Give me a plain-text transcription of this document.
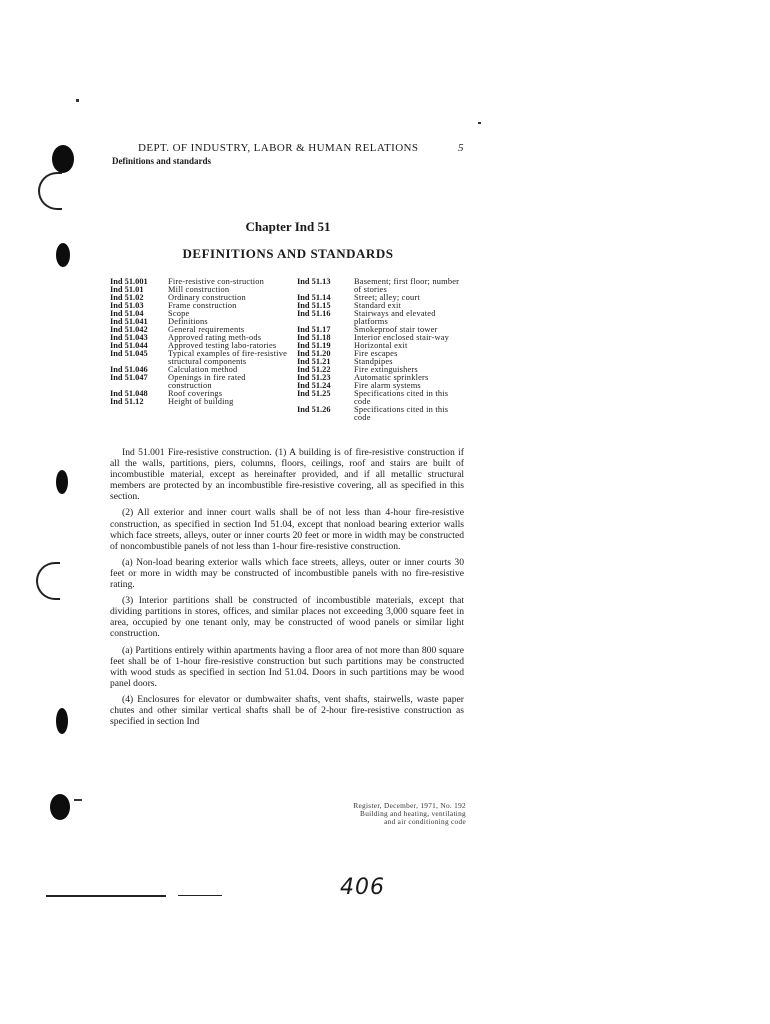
DEPT. OF INDUSTRY, LABOR & HUMAN RELATIONS	5
Definitions and standards
Chapter Ind 51
DEFINITIONS AND STANDARDS
Ind 51.001	Fire-resistive con-struction
Ind 51.01	Mill construction
Ind 51.02	Ordinary construction
Ind 51.03	Frame construction
Ind 51.04	Scope
Ind 51.041	Definitions
Ind 51.042	General requirements
Ind 51.043	Approved rating meth-ods
Ind 51.044	Approved testing labo-ratories
Ind 51.045	Typical examples of fire-resistive structural components
Ind 51.046	Calculation method
Ind 51.047	Openings in fire rated construction
Ind 51.048	Roof coverings
Ind 51.12	Height of building
Ind 51.13	Basement; first floor; number of stories
Ind 51.14	Street; alley; court
Ind 51.15	Standard exit
Ind 51.16	Stairways and elevated platforms
Ind 51.17	Smokeproof stair tower
Ind 51.18	Interior enclosed stair-way
Ind 51.19	Horizontal exit
Ind 51.20	Fire escapes
Ind 51.21	Standpipes
Ind 51.22	Fire extinguishers
Ind 51.23	Automatic sprinklers
Ind 51.24	Fire alarm systems
Ind 51.25	Specifications cited in this code
Ind 51.26	Specifications cited in this code

Ind 51.001 Fire-resistive construction. (1) A building is of fire-resistive construction if all the walls, partitions, piers, columns, floors, ceilings, roof and stairs are built of incombustible material, except as hereinafter provided, and if all metallic structural members are protected by an incombustible fire-resistive covering, all as specified in this section.

(2) All exterior and inner court walls shall be of not less than 4-hour fire-resistive construction, as specified in section Ind 51.04, except that nonload bearing exterior walls which face streets, alleys, outer or inner courts 20 feet or more in width may be constructed of noncombustible panels of not less than 1-hour fire-resistive construction.

(a) Non-load bearing exterior walls which face streets, alleys, outer or inner courts 30 feet or more in width may be constructed of incombustible panels with no fire-resistive rating.

(3) Interior partitions shall be constructed of incombustible materials, except that dividing partitions in stores, offices, and similar places not exceeding 3,000 square feet in area, occupied by one tenant only, may be constructed of wood panels or similar light construction.

(a) Partitions entirely within apartments having a floor area of not more than 800 square feet shall be of 1-hour fire-resistive construction but such partitions may be constructed with wood studs as specified in section Ind 51.04. Doors in such partitions may be wood panel doors.

(4) Enclosures for elevator or dumbwaiter shafts, vent shafts, stairwells, waste paper chutes and other similar vertical shafts shall be of 2-hour fire-resistive construction as specified in section Ind

Register, December, 1971, No. 192
Building and heating, ventilating
and air conditioning code
406
